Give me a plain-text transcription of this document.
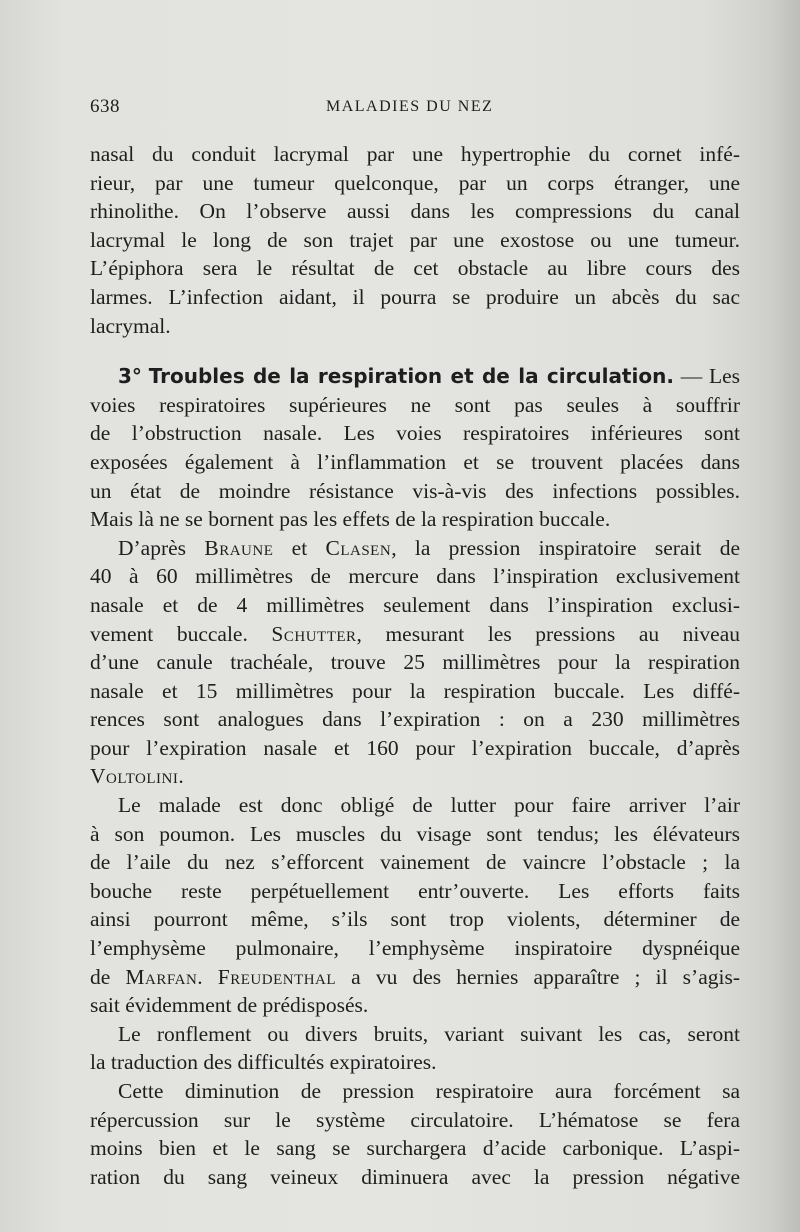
638	MALADIES DU NEZ
nasal du conduit lacrymal par une hypertrophie du cornet infé-
rieur, par une tumeur quelconque, par un corps étranger, une
rhinolithe. On l’observe aussi dans les compressions du canal
lacrymal le long de son trajet par une exostose ou une tumeur.
L’épiphora sera le résultat de cet obstacle au libre cours des
larmes. L’infection aidant, il pourra se produire un abcès du sac
lacrymal.
3° Troubles de la respiration et de la circulation. — Les
voies respiratoires supérieures ne sont pas seules à souffrir
de l’obstruction nasale. Les voies respiratoires inférieures sont
exposées également à l’inflammation et se trouvent placées dans
un état de moindre résistance vis-à-vis des infections possibles.
Mais là ne se bornent pas les effets de la respiration buccale.
D’après Braune et Clasen, la pression inspiratoire serait de
40 à 60 millimètres de mercure dans l’inspiration exclusivement
nasale et de 4 millimètres seulement dans l’inspiration exclusi-
vement buccale. Schutter, mesurant les pressions au niveau
d’une canule trachéale, trouve 25 millimètres pour la respiration
nasale et 15 millimètres pour la respiration buccale. Les diffé-
rences sont analogues dans l’expiration : on a 230 millimètres
pour l’expiration nasale et 160 pour l’expiration buccale, d’après
Voltolini.
Le malade est donc obligé de lutter pour faire arriver l’air
à son poumon. Les muscles du visage sont tendus; les élévateurs
de l’aile du nez s’efforcent vainement de vaincre l’obstacle ; la
bouche reste perpétuellement entr’ouverte. Les efforts faits
ainsi pourront même, s’ils sont trop violents, déterminer de
l’emphysème pulmonaire, l’emphysème inspiratoire dyspnéique
de Marfan. Freudenthal a vu des hernies apparaître ; il s’agis-
sait évidemment de prédisposés.
Le ronflement ou divers bruits, variant suivant les cas, seront
la traduction des difficultés expiratoires.
Cette diminution de pression respiratoire aura forcément sa
répercussion sur le système circulatoire. L’hématose se fera
moins bien et le sang se surchargera d’acide carbonique. L’aspi-
ration du sang veineux diminuera avec la pression négative
